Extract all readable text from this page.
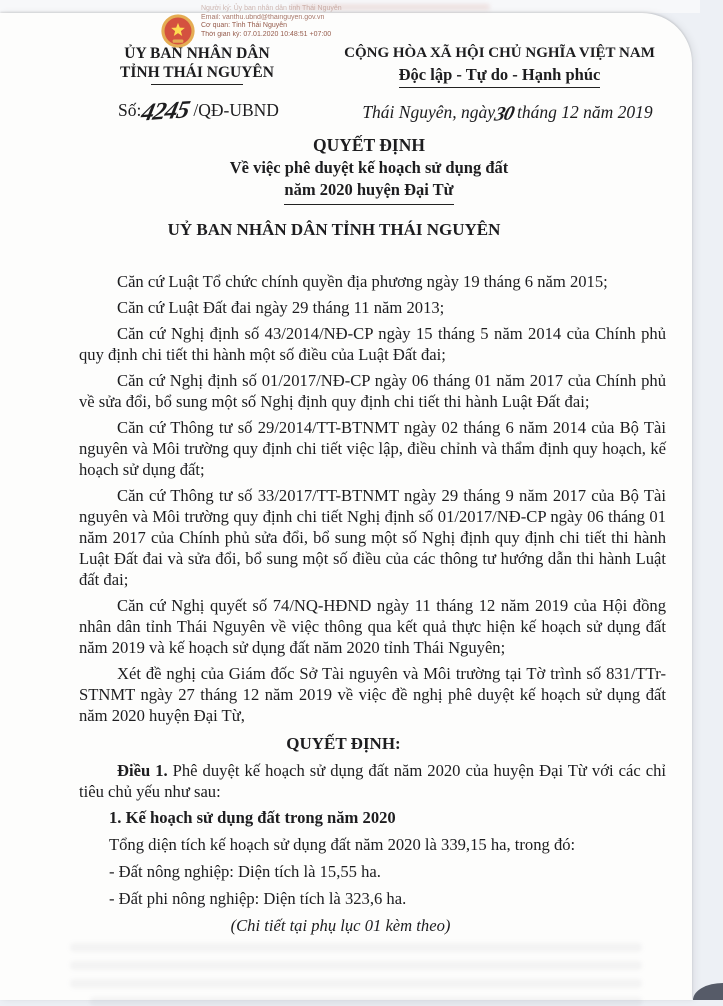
Người ký: Ủy ban nhân dân tỉnh Thái Nguyên
Email: vanthu.ubnd@thainguyen.gov.vn
Cơ quan: Tỉnh Thái Nguyên
Thời gian ký: 07.01.2020 10:48:51 +07:00
ỦY BAN NHÂN DÂN
TỈNH THÁI NGUYÊN
Số:4245/QĐ-UBND
CỘNG HÒA XÃ HỘI CHỦ NGHĨA VIỆT NAM
Độc lập - Tự do - Hạnh phúc
Thái Nguyên, ngày30tháng 12 năm 2019
QUYẾT ĐỊNH
Về việc phê duyệt kế hoạch sử dụng đất
năm 2020 huyện Đại Từ
UỶ BAN NHÂN DÂN TỈNH THÁI NGUYÊN

Căn cứ Luật Tổ chức chính quyền địa phương ngày 19 tháng 6 năm 2015;

Căn cứ Luật Đất đai ngày 29 tháng 11 năm 2013;

Căn cứ Nghị định số 43/2014/NĐ-CP ngày 15 tháng 5 năm 2014 của Chính phủ quy định chi tiết thi hành một số điều của Luật Đất đai;

Căn cứ Nghị định số 01/2017/NĐ-CP ngày 06 tháng 01 năm 2017 của Chính phủ về sửa đổi, bổ sung một số Nghị định quy định chi tiết thi hành Luật Đất đai;

Căn cứ Thông tư số 29/2014/TT-BTNMT ngày 02 tháng 6 năm 2014 của Bộ Tài nguyên và Môi trường quy định chi tiết việc lập, điều chỉnh và thẩm định quy hoạch, kế hoạch sử dụng đất;

Căn cứ Thông tư số 33/2017/TT-BTNMT ngày 29 tháng 9 năm 2017 của Bộ Tài nguyên và Môi trường quy định chi tiết Nghị định số 01/2017/NĐ-CP ngày 06 tháng 01 năm 2017 của Chính phủ sửa đổi, bổ sung một số Nghị định quy định chi tiết thi hành Luật Đất đai và sửa đổi, bổ sung một số điều của các thông tư hướng dẫn thi hành Luật đất đai;

Căn cứ Nghị quyết số 74/NQ-HĐND ngày 11 tháng 12 năm 2019 của Hội đồng nhân dân tỉnh Thái Nguyên về việc thông qua kết quả thực hiện kế hoạch sử dụng đất năm 2019 và kế hoạch sử dụng đất năm 2020 tỉnh Thái Nguyên;

Xét đề nghị của Giám đốc Sở Tài nguyên và Môi trường tại Tờ trình số 831/TTr-STNMT ngày 27 tháng 12 năm 2019 về việc đề nghị phê duyệt kế hoạch sử dụng đất năm 2020 huyện Đại Từ,

QUYẾT ĐỊNH:

Điều 1. Phê duyệt kế hoạch sử dụng đất năm 2020 của huyện Đại Từ với các chỉ tiêu chủ yếu như sau:

1. Kế hoạch sử dụng đất trong năm 2020
Tổng diện tích kế hoạch sử dụng đất năm 2020 là 339,15 ha, trong đó:
- Đất nông nghiệp: Diện tích là 15,55 ha.
- Đất phi nông nghiệp: Diện tích là 323,6 ha.
(Chi tiết tại phụ lục 01 kèm theo)
